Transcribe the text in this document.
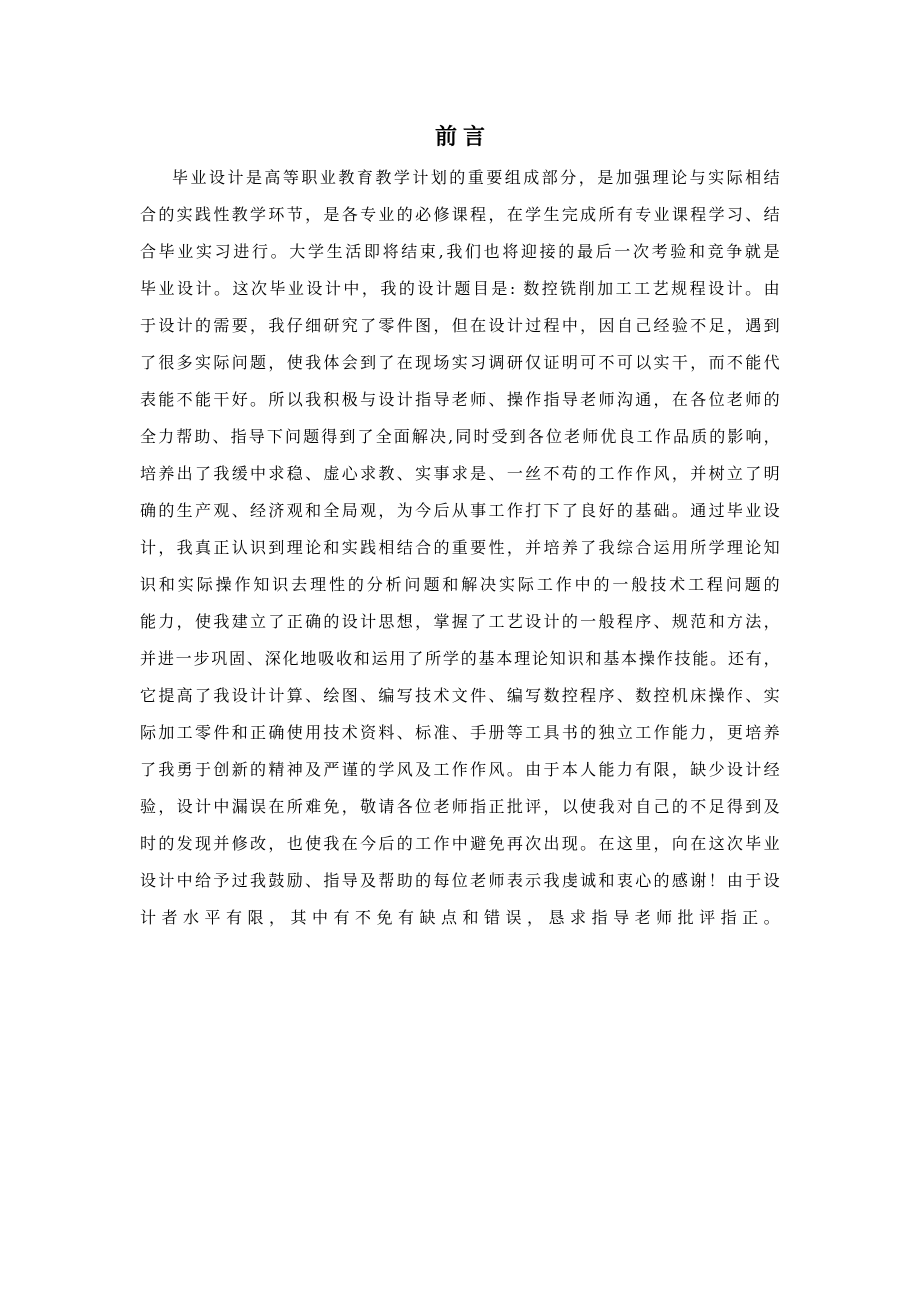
前 言
毕业设计是高等职业教育教学计划的重要组成部分，是加强理论与实际相结
合的实践性教学环节，是各专业的必修课程，在学生完成所有专业课程学习、结
合毕业实习进行。大学生活即将结束,我们也将迎接的最后一次考验和竞争就是
毕业设计。这次毕业设计中，我的设计题目是: 数控铣削加工工艺规程设计。由
于设计的需要，我仔细研究了零件图，但在设计过程中，因自己经验不足，遇到
了很多实际问题，使我体会到了在现场实习调研仅证明可不可以实干，而不能代
表能不能干好。所以我积极与设计指导老师、操作指导老师沟通，在各位老师的
全力帮助、指导下问题得到了全面解决,同时受到各位老师优良工作品质的影响，
培养出了我缓中求稳、虚心求教、实事求是、一丝不苟的工作作风，并树立了明
确的生产观、经济观和全局观，为今后从事工作打下了良好的基础。通过毕业设
计，我真正认识到理论和实践相结合的重要性，并培养了我综合运用所学理论知
识和实际操作知识去理性的分析问题和解决实际工作中的一般技术工程问题的
能力，使我建立了正确的设计思想，掌握了工艺设计的一般程序、规范和方法，
并进一步巩固、深化地吸收和运用了所学的基本理论知识和基本操作技能。还有，
它提高了我设计计算、绘图、编写技术文件、编写数控程序、数控机床操作、实
际加工零件和正确使用技术资料、标准、手册等工具书的独立工作能力，更培养
了我勇于创新的精神及严谨的学风及工作作风。由于本人能力有限，缺少设计经
验，设计中漏误在所难免，敬请各位老师指正批评，以使我对自己的不足得到及
时的发现并修改，也使我在今后的工作中避免再次出现。在这里，向在这次毕业
设计中给予过我鼓励、指导及帮助的每位老师表示我虔诚和衷心的感谢！由于设
计者水平有限，其中有不免有缺点和错误，恳求指导老师批评指正。
